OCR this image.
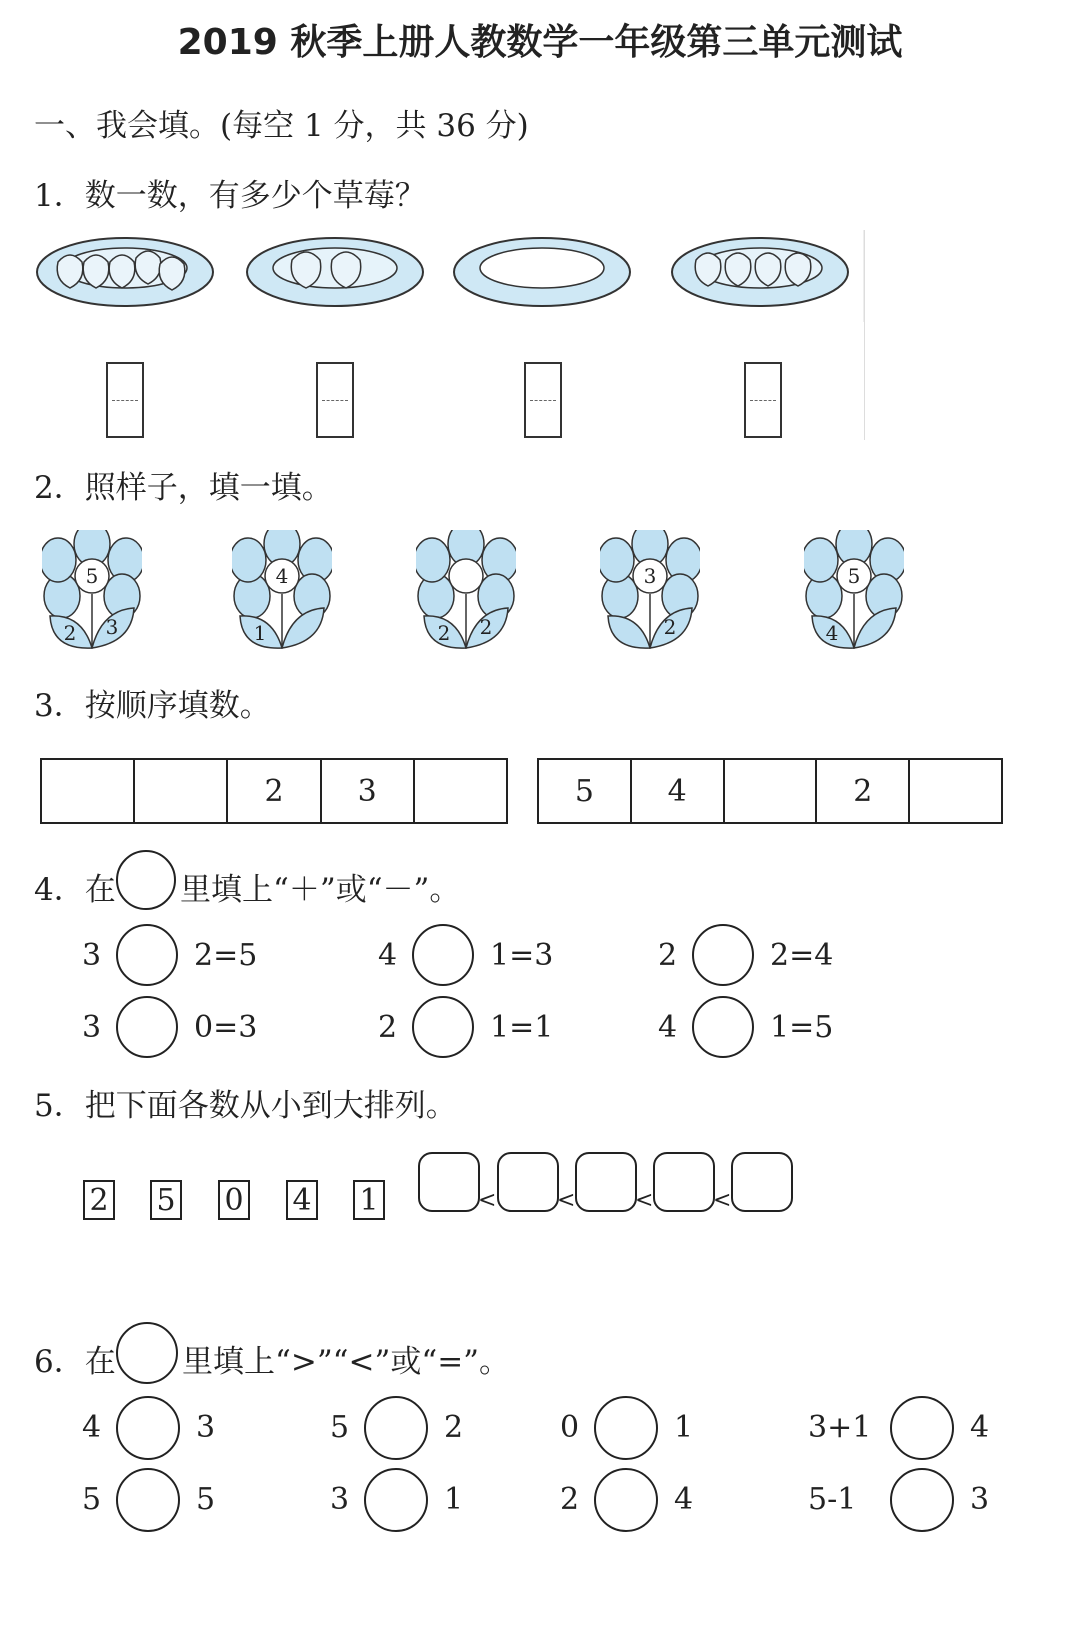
2019 秋季上册人教数学一年级第三单元测试
一、我会填。(每空 1 分，共 36 分)
1．数一数，有多少个草莓？
2．照样子，填一填。
5
2 3
4
1	2 2
3
2
5
4
3．按顺序填数。
2	3	5	4	2
4．在 里填上“＋”或“－”。
3	2=5	4	1=3	2	2=4
3	0=3	2	1=1	4	1=5
5．把下面各数从小到大排列。
2 5 0 4 1	<	<	<	<
6．在 里填上“>”“<”或“=”。
4	3	5	2	0	1	3+1	4
5	5	3	1	2	4	5-1	3
